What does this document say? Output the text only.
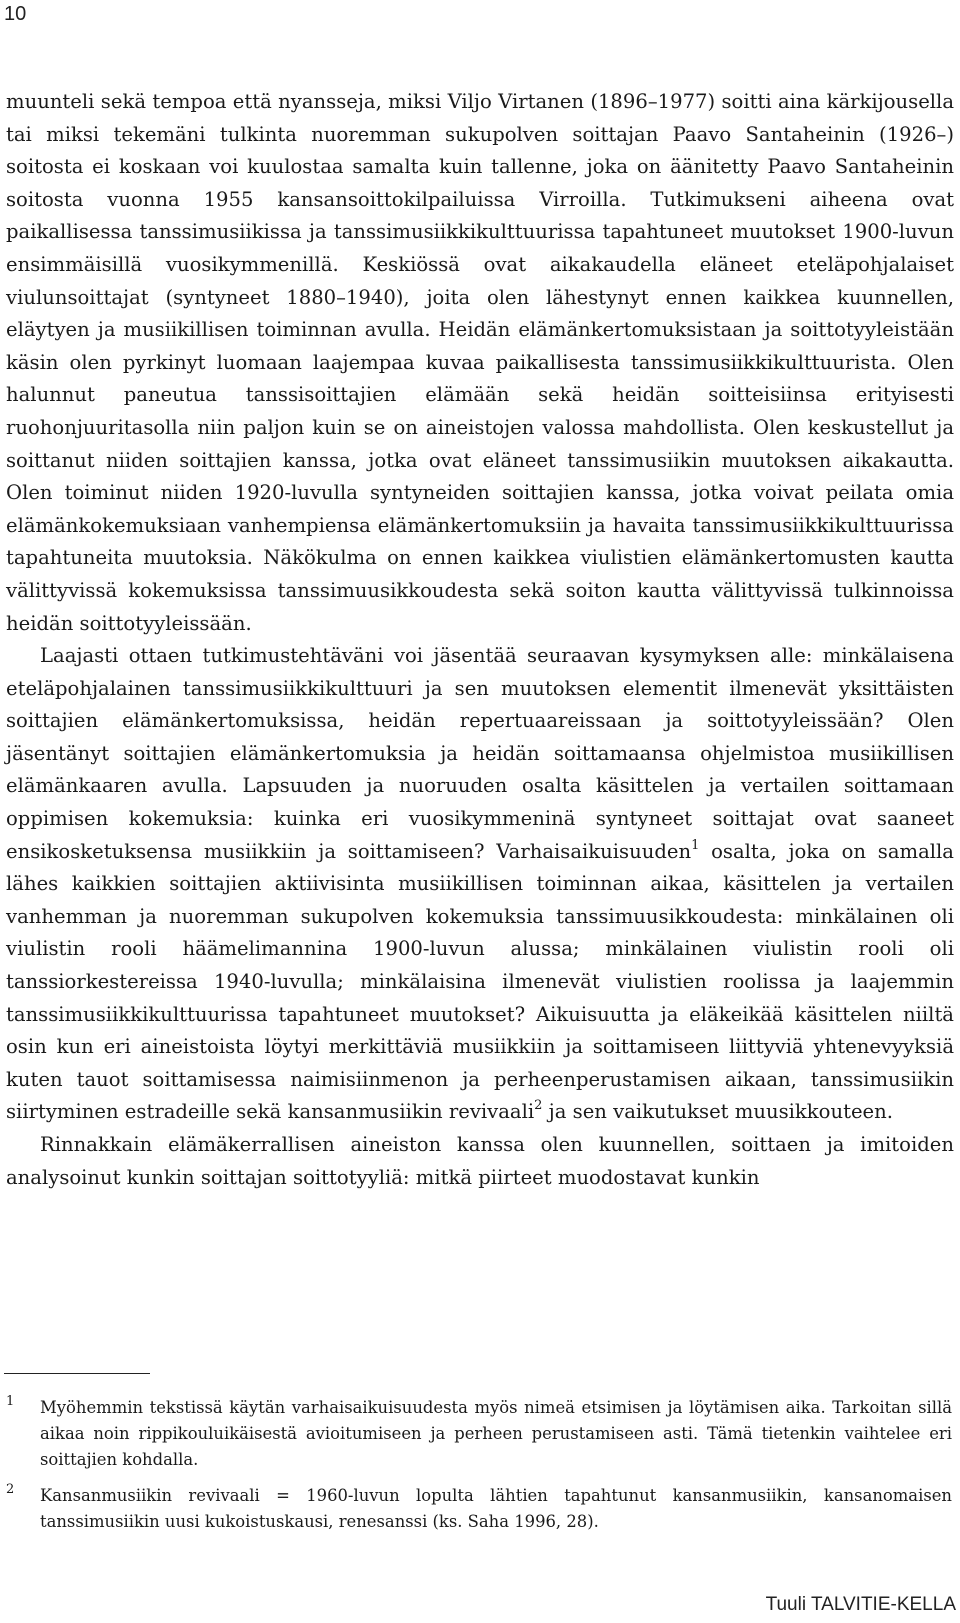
10

muunteli sekä tempoa että nyansseja, miksi Viljo Virtanen (1896–1977) soitti aina kärkijousella tai miksi tekemäni tulkinta nuoremman sukupolven soittajan Paavo Santaheinin (1926–) soitosta ei koskaan voi kuulostaa samalta kuin tallenne, joka on äänitetty Paavo Santaheinin soitosta vuonna 1955 kansansoittokilpailuissa Virroilla. Tutkimukseni aiheena ovat paikallisessa tanssimusiikissa ja tanssimusiikkikulttuurissa tapahtuneet muutokset 1900-luvun ensimmäisillä vuosikymmenillä. Keskiössä ovat aikakaudella eläneet eteläpohjalaiset viulunsoittajat (syntyneet 1880–1940), joita olen lähestynyt ennen kaikkea kuunnellen, eläytyen ja musiikillisen toiminnan avulla. Heidän elämänkertomuksistaan ja soittotyyleistään käsin olen pyrkinyt luomaan laajempaa kuvaa paikallisesta tanssimusiikkikulttuurista. Olen halunnut paneutua tanssisoittajien elämään sekä heidän soitteisiinsa erityisesti ruohonjuuritasolla niin paljon kuin se on aineistojen valossa mahdollista. Olen keskustellut ja soittanut niiden soittajien kanssa, jotka ovat eläneet tanssimusiikin muutoksen aikakautta. Olen toiminut niiden 1920-luvulla syntyneiden soittajien kanssa, jotka voivat peilata omia elämänkokemuksiaan vanhempiensa elämänkertomuksiin ja havaita tanssimusiikkikulttuurissa tapahtuneita muutoksia. Näkökulma on ennen kaikkea viulistien elämänkertomusten kautta välittyvissä kokemuksissa tanssimuusikkoudesta sekä soiton kautta välittyvissä tulkinnoissa heidän soittotyyleissään.

Laajasti ottaen tutkimustehtäväni voi jäsentää seuraavan kysymyksen alle: minkälaisena eteläpohjalainen tanssimusiikkikulttuuri ja sen muutoksen elementit ilmenevät yksittäisten soittajien elämänkertomuksissa, heidän repertuaareissaan ja soittotyyleissään? Olen jäsentänyt soittajien elämänkertomuksia ja heidän soittamaansa ohjelmistoa musiikillisen elämänkaaren avulla. Lapsuuden ja nuoruuden osalta käsittelen ja vertailen soittamaan oppimisen kokemuksia: kuinka eri vuosikymmeninä syntyneet soittajat ovat saaneet ensikosketuksensa musiikkiin ja soittamiseen? Varhaisaikuisuuden$^1$ osalta, joka on samalla lähes kaikkien soittajien aktiivisinta musiikillisen toiminnan aikaa, käsittelen ja vertailen vanhemman ja nuoremman sukupolven kokemuksia tanssimuusikkoudesta: minkälainen oli viulistin rooli häämelimannina 1900-luvun alussa; minkälainen viulistin rooli oli tanssiorkestereissa 1940-luvulla; minkälaisina ilmenevät viulistien roolissa ja laajemmin tanssimusiikkikulttuurissa tapahtuneet muutokset? Aikuisuutta ja eläkeikää käsittelen niiltä osin kun eri aineistoista löytyi merkittäviä musiikkiin ja soittamiseen liittyviä yhtenevyyksiä kuten tauot soittamisessa naimisiinmenon ja perheenperustamisen aikaan, tanssimusiikin siirtyminen estradeille sekä kansanmusiikin revivaali$^2$ ja sen vaikutukset muusikkouteen.

Rinnakkain elämäkerrallisen aineiston kanssa olen kuunnellen, soittaen ja imitoiden analysoinut kunkin soittajan soittotyyliä: mitkä piirteet muodostavat kunkin

1 Myöhemmin tekstissä käytän varhaisaikuisuudesta myös nimeä etsimisen ja löytämisen aika. Tarkoitan sillä aikaa noin rippikouluikäisestä avioitumiseen ja perheen perustamiseen asti. Tämä tietenkin vaihtelee eri soittajien kohdalla.
2 Kansanmusiikin revivaali = 1960-luvun lopulta lähtien tapahtunut kansanmusiikin, kansanomaisen tanssimusiikin uusi kukoistuskausi, renesanssi (ks. Saha 1996, 28).
Tuuli TALVITIE-KELLA
